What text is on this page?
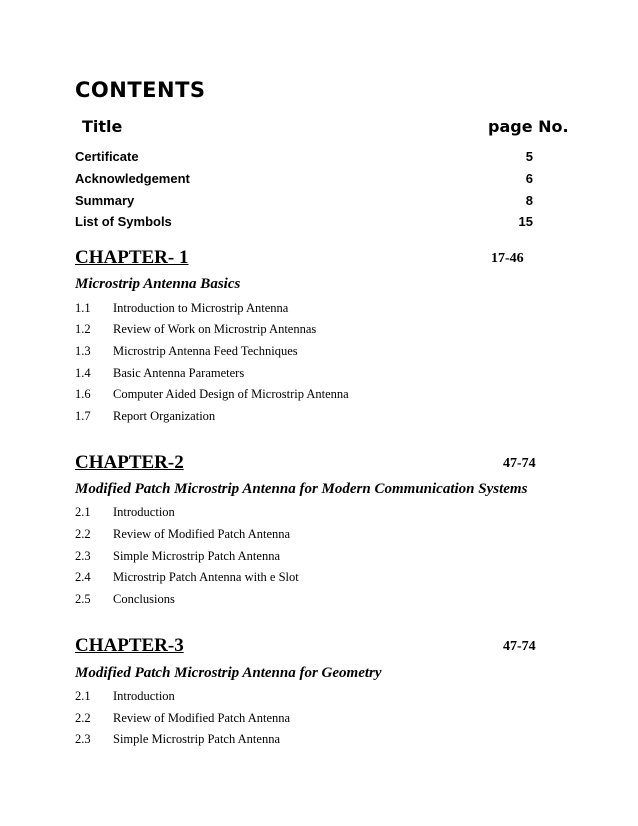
CONTENTS
Title	page No.
Certificate	5
Acknowledgement	6
Summary	8
List of Symbols	15
CHAPTER- 1	17-46
Microstrip Antenna Basics
1.1 Introduction to Microstrip Antenna
1.2 Review of Work on Microstrip Antennas
1.3 Microstrip Antenna Feed Techniques
1.4 Basic Antenna Parameters
1.6 Computer Aided Design of Microstrip Antenna
1.7 Report Organization
CHAPTER-2	47-74
Modified Patch Microstrip Antenna for Modern Communication Systems
2.1 Introduction
2.2 Review of Modified Patch Antenna
2.3 Simple Microstrip Patch Antenna
2.4 Microstrip Patch Antenna with e Slot
2.5 Conclusions
CHAPTER-3	47-74
Modified Patch Microstrip Antenna for Geometry
2.1 Introduction
2.2 Review of Modified Patch Antenna
2.3 Simple Microstrip Patch Antenna
